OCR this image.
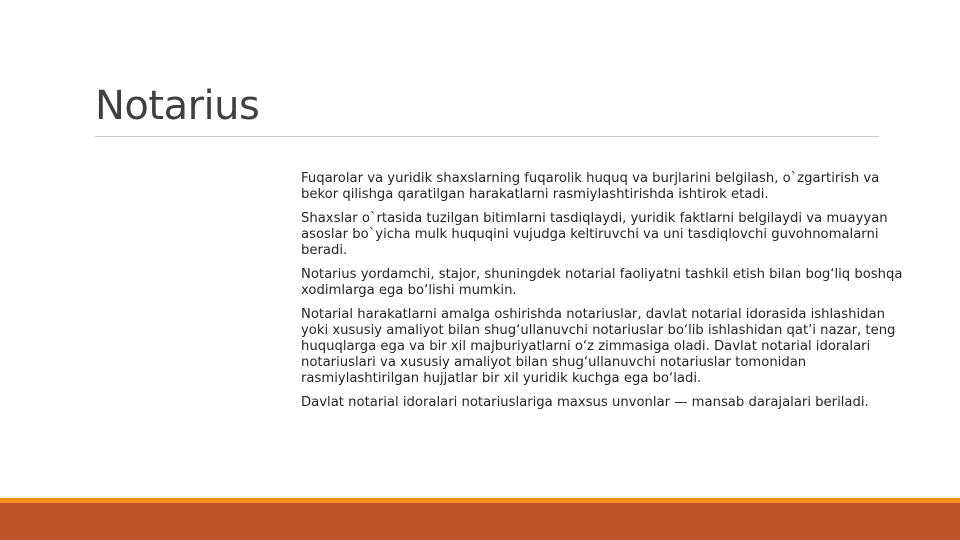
Notarius

Fuqarolar va yuridik shaxslarning fuqarolik huquq va burjlarini belgilash, o`zgartirish va bekor qilishga qaratilgan harakatlarni rasmiylashtirishda ishtirok etadi.

Shaxslar o`rtasida tuzilgan bitimlarni tasdiqlaydi, yuridik faktlarni belgilaydi va muayyan asoslar bo`yicha mulk huquqini vujudga keltiruvchi va uni tasdiqlovchi guvohnomalarni beradi.

Notarius yordamchi, stajor, shuningdek notarial faoliyatni tashkil etish bilan bog‘liq boshqa xodimlarga ega bo‘lishi mumkin.

Notarial harakatlarni amalga oshirishda notariuslar, davlat notarial idorasida ishlashidan yoki xususiy amaliyot bilan shug‘ullanuvchi notariuslar bo‘lib ishlashidan qat’i nazar, teng huquqlarga ega va bir xil majburiyatlarni o‘z zimmasiga oladi. Davlat notarial idoralari notariuslari va xususiy amaliyot bilan shug‘ullanuvchi notariuslar tomonidan rasmiylashtirilgan hujjatlar bir xil yuridik kuchga ega bo‘ladi.

Davlat notarial idoralari notariuslariga maxsus unvonlar — mansab darajalari beriladi.
